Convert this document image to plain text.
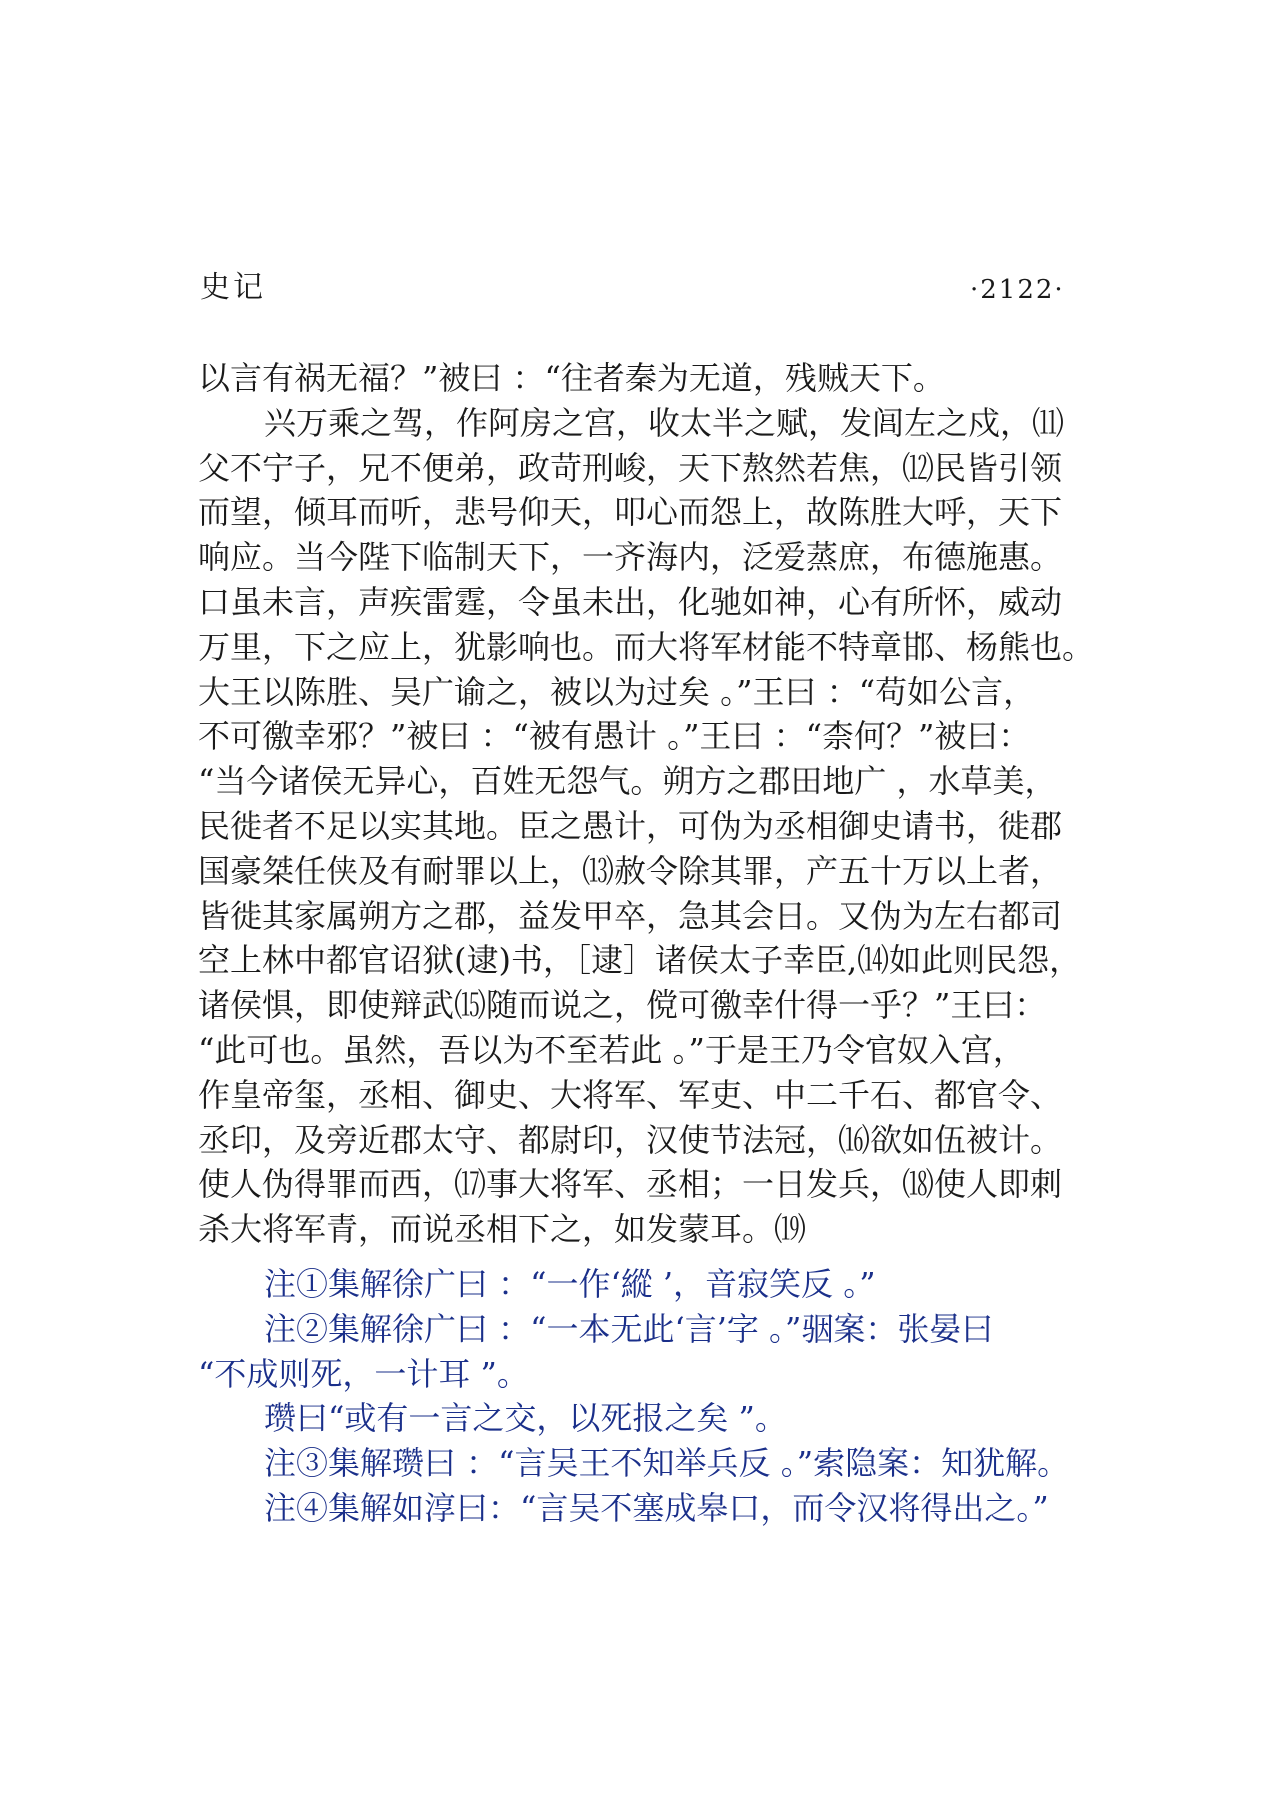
史记	·2122·
以言有祸无福？”被曰 ：“往者秦为无道，残贼天下。
兴万乘之驾，作阿房之宫，收太半之赋，发闾左之戍，⑾
父不宁子，兄不便弟，政苛刑峻，天下熬然若焦，⑿民皆引领
而望，倾耳而听，悲号仰天，叩心而怨上，故陈胜大呼，天下
响应。当今陛下临制天下，一齐海内，泛爱蒸庶，布德施惠。
口虽未言，声疾雷霆，令虽未出，化驰如神，心有所怀，威动
万里，下之应上，犹影响也。而大将军材能不特章邯、杨熊也。
大王以陈胜、吴广谕之，被以为过矣 。”王曰 ：“苟如公言，
不可徼幸邪？”被曰 ：“被有愚计 。”王曰 ：“柰何？”被曰：
“当今诸侯无异心，百姓无怨气。朔方之郡田地广 ，水草美，
民徙者不足以实其地。臣之愚计，可伪为丞相御史请书，徙郡
国豪桀任侠及有耐罪以上，⒀赦令除其罪，产五十万以上者，
皆徙其家属朔方之郡，益发甲卒，急其会日。又伪为左右都司
空上林中都官诏狱(逮)书，［逮］诸侯太子幸臣,⒁如此则民怨，
诸侯惧，即使辩武⒂随而说之，傥可徼幸什得一乎？”王曰：
“此可也。虽然，吾以为不至若此 。”于是王乃令官奴入宫，
作皇帝玺，丞相、御史、大将军、军吏、中二千石、都官令、
丞印，及旁近郡太守、都尉印，汉使节法冠，⒃欲如伍被计。
使人伪得罪而西，⒄事大将军、丞相；一日发兵，⒅使人即刺
杀大将军青，而说丞相下之，如发蒙耳。⒆
注①集解徐广曰 ：“一作‘縱 ’，音寂笑反 。”
注②集解徐广曰 ：“一本无此‘言’字 。”骃案：张晏曰
“不成则死，一计耳 ”。
瓒曰“或有一言之交，以死报之矣 ”。
注③集解瓒曰 ：“言吴王不知举兵反 。”索隐案：知犹解。
注④集解如淳曰：“言吴不塞成皋口，而令汉将得出之。”
